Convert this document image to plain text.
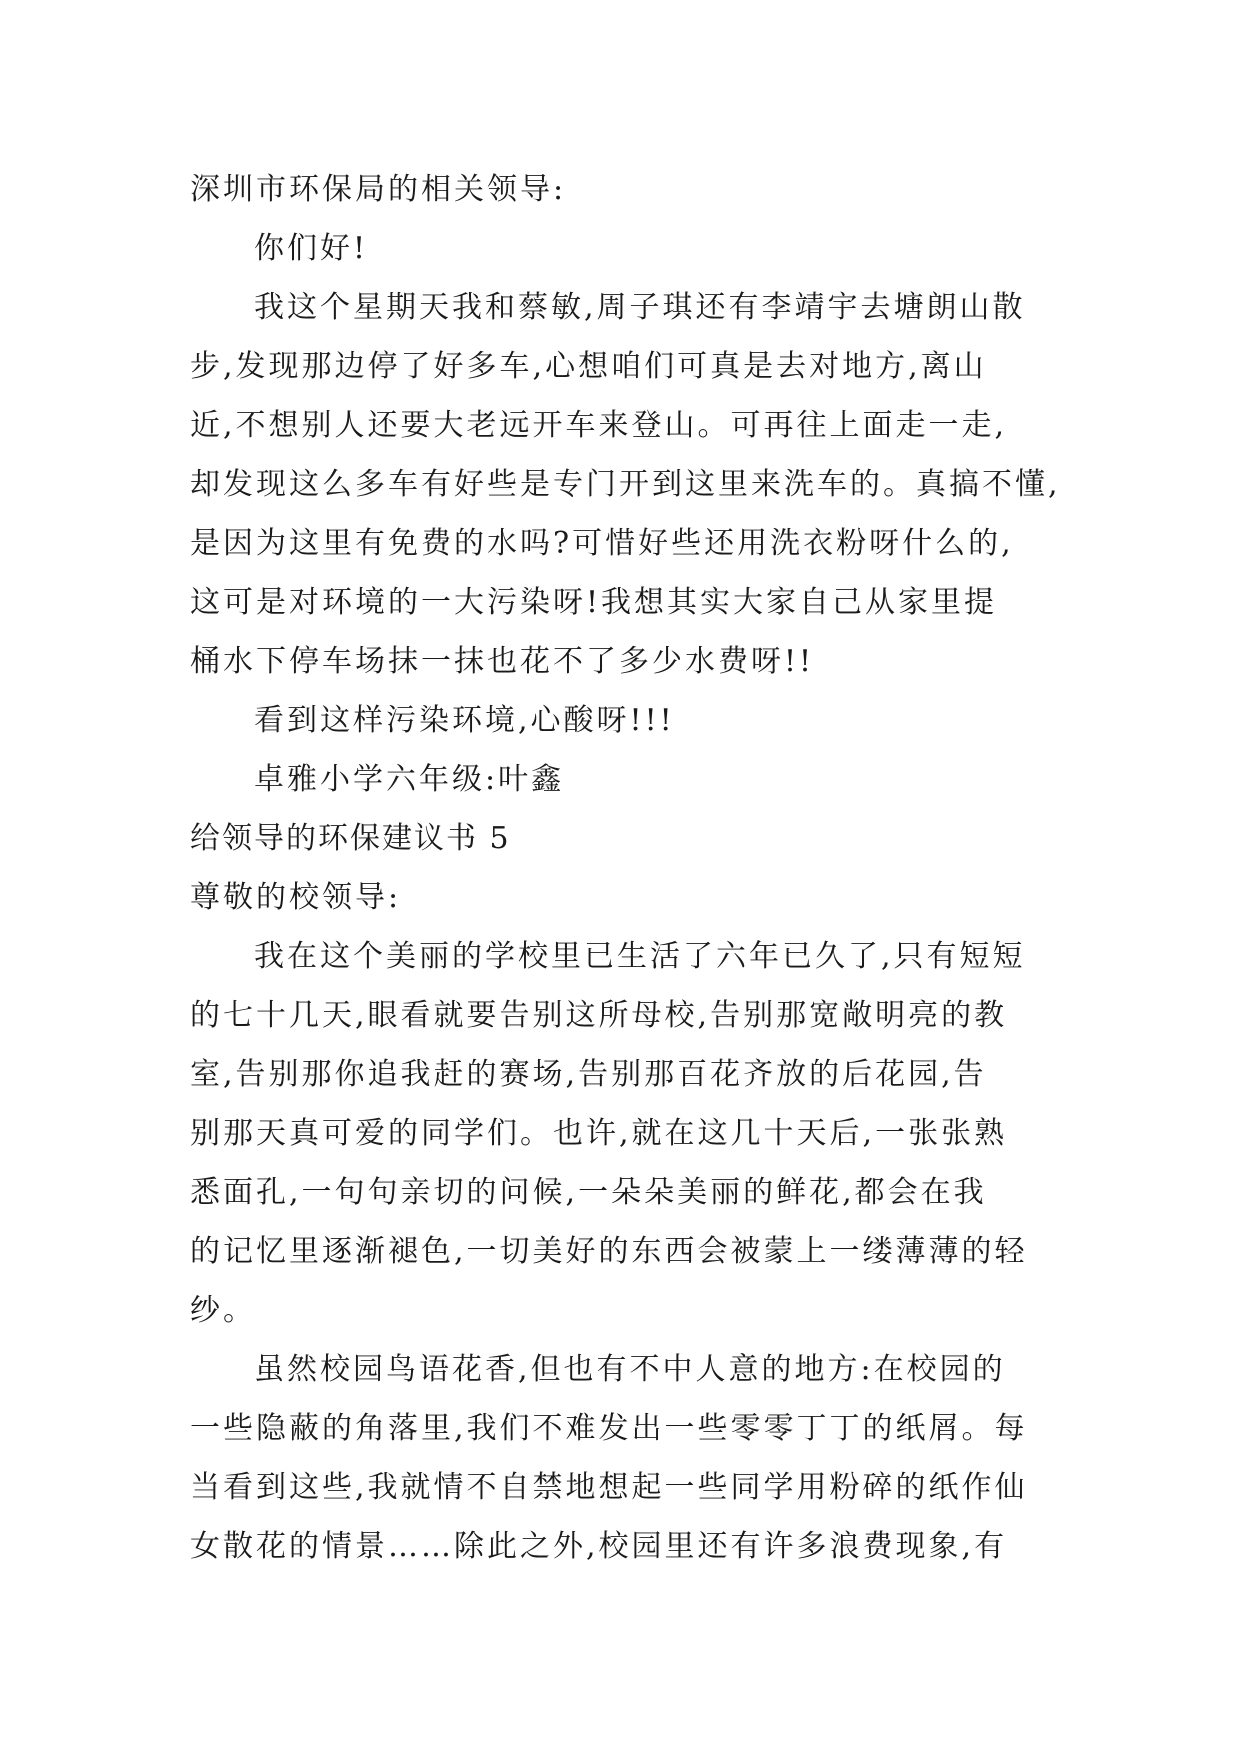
深圳市环保局的相关领导:
你们好!
我这个星期天我和蔡敏,周子琪还有李靖宇去塘朗山散
步,发现那边停了好多车,心想咱们可真是去对地方,离山
近,不想别人还要大老远开车来登山。可再往上面走一走,
却发现这么多车有好些是专门开到这里来洗车的。真搞不懂,
是因为这里有免费的水吗?可惜好些还用洗衣粉呀什么的,
这可是对环境的一大污染呀!我想其实大家自己从家里提
桶水下停车场抹一抹也花不了多少水费呀!!
看到这样污染环境,心酸呀!!!
卓雅小学六年级:叶鑫
给领导的环保建议书 5
尊敬的校领导:
我在这个美丽的学校里已生活了六年已久了,只有短短
的七十几天,眼看就要告别这所母校,告别那宽敞明亮的教
室,告别那你追我赶的赛场,告别那百花齐放的后花园,告
别那天真可爱的同学们。也许,就在这几十天后,一张张熟
悉面孔,一句句亲切的问候,一朵朵美丽的鲜花,都会在我
的记忆里逐渐褪色,一切美好的东西会被蒙上一缕薄薄的轻
纱。
虽然校园鸟语花香,但也有不中人意的地方:在校园的
一些隐蔽的角落里,我们不难发出一些零零丁丁的纸屑。每
当看到这些,我就情不自禁地想起一些同学用粉碎的纸作仙
女散花的情景……除此之外,校园里还有许多浪费现象,有
